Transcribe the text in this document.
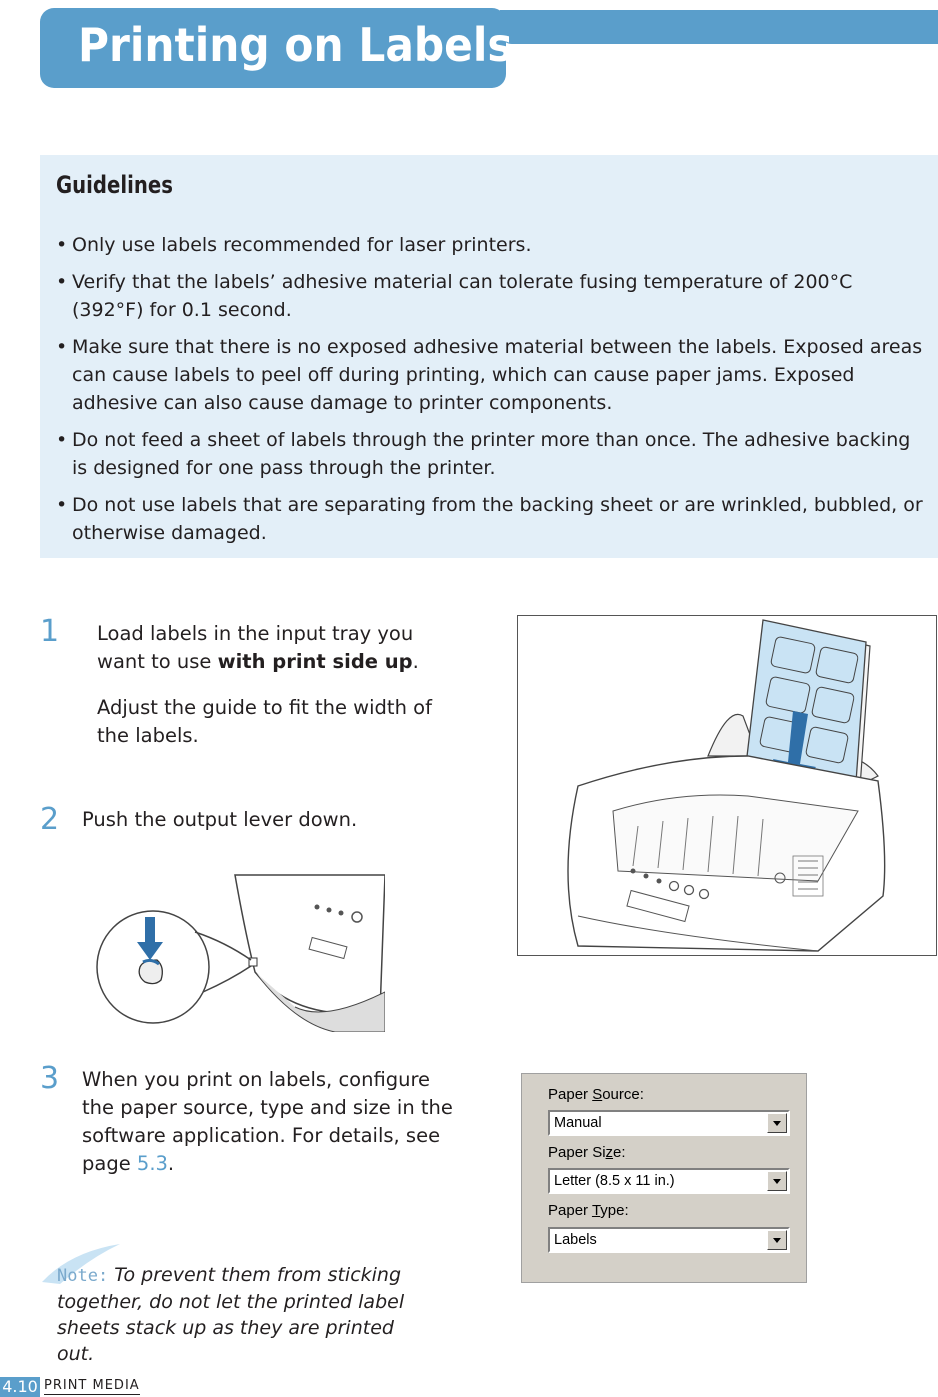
Printing on Labels
Guidelines
• Only use labels recommended for laser printers.
• Verify that the labels’ adhesive material can tolerate fusing temperature of 200°C (392°F) for 0.1 second.
• Make sure that there is no exposed adhesive material between the labels. Exposed areas can cause labels to peel off during printing, which can cause paper jams. Exposed adhesive can also cause damage to printer components.
• Do not feed a sheet of labels through the printer more than once. The adhesive backing is designed for one pass through the printer.
• Do not use labels that are separating from the backing sheet or are wrinkled, bubbled, or otherwise damaged.
1 Load labels in the input tray you want to use with print side up.

Adjust the guide to fit the width of the labels.

2 Push the output lever down.
3 When you print on labels, configure the paper source, type and size in the software application. For details, see page 5.3.
Paper Source:
Manual
Paper Size:
Letter (8.5 x 11 in.)
Paper Type:
Labels
Note: To prevent them from sticking together, do not let the printed label sheets stack up as they are printed out.
4.10 PRINT MEDIA
